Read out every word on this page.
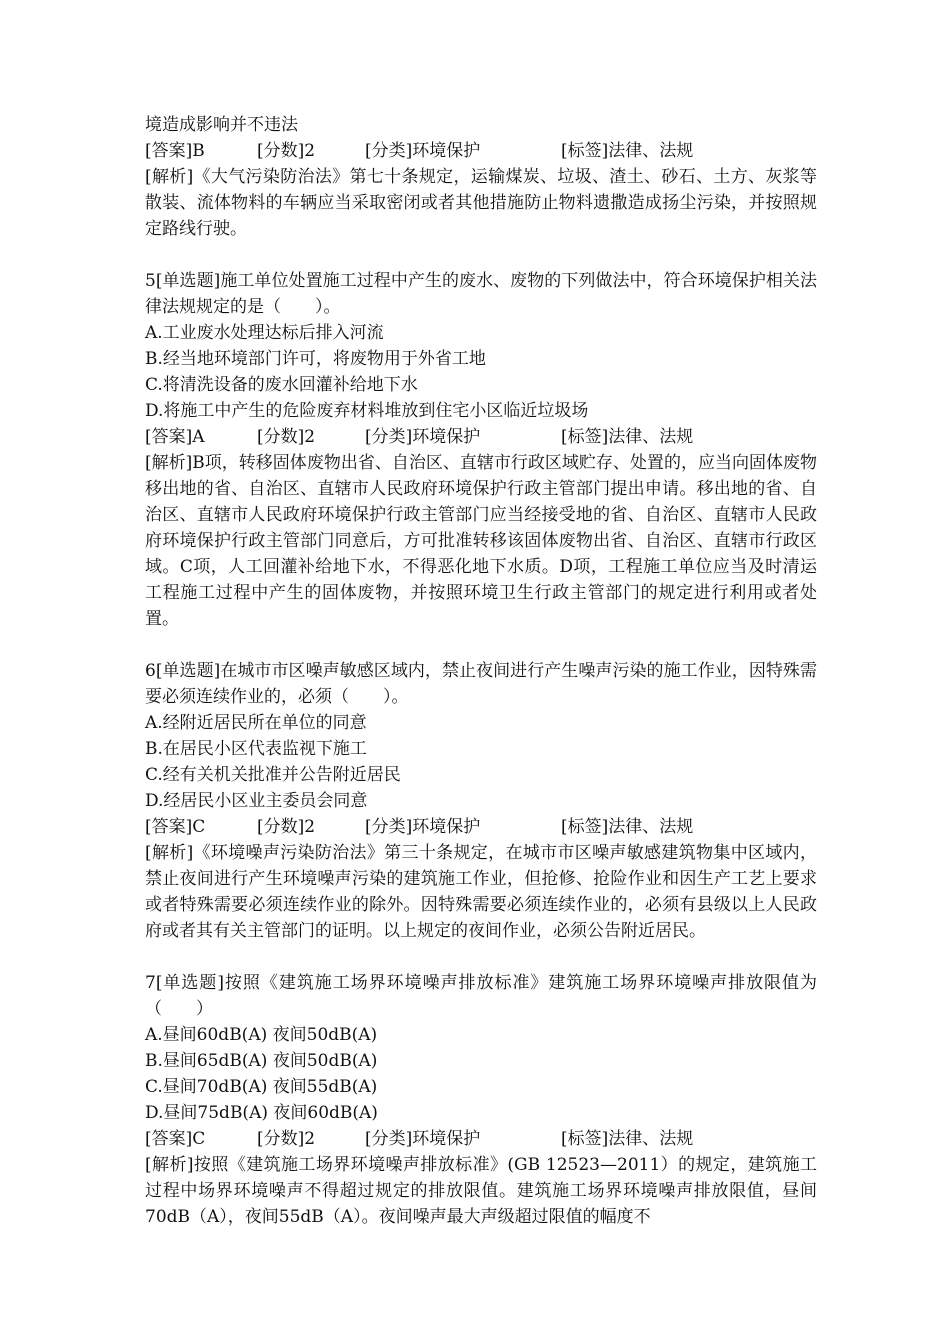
境造成影响并不违法
[答案]B	[分数]2	[分类]环境保护	[标签]法律、法规
[解析]《大气污染防治法》第七十条规定，运输煤炭、垃圾、渣土、砂石、土方、灰浆等散装、流体物料的车辆应当采取密闭或者其他措施防止物料遗撒造成扬尘污染，并按照规定路线行驶。
5[单选题]施工单位处置施工过程中产生的废水、废物的下列做法中，符合环境保护相关法律法规规定的是（　　）。
A.工业废水处理达标后排入河流
B.经当地环境部门许可，将废物用于外省工地
C.将清洗设备的废水回灌补给地下水
D.将施工中产生的危险废弃材料堆放到住宅小区临近垃圾场
[答案]A	[分数]2	[分类]环境保护	[标签]法律、法规
[解析]B项，转移固体废物出省、自治区、直辖市行政区域贮存、处置的，应当向固体废物移出地的省、自治区、直辖市人民政府环境保护行政主管部门提出申请。移出地的省、自治区、直辖市人民政府环境保护行政主管部门应当经接受地的省、自治区、直辖市人民政府环境保护行政主管部门同意后，方可批准转移该固体废物出省、自治区、直辖市行政区域。C项，人工回灌补给地下水，不得恶化地下水质。D项，工程施工单位应当及时清运工程施工过程中产生的固体废物，并按照环境卫生行政主管部门的规定进行利用或者处置。
6[单选题]在城市市区噪声敏感区域内，禁止夜间进行产生噪声污染的施工作业，因特殊需要必须连续作业的，必须（　　）。
A.经附近居民所在单位的同意
B.在居民小区代表监视下施工
C.经有关机关批准并公告附近居民
D.经居民小区业主委员会同意
[答案]C	[分数]2	[分类]环境保护	[标签]法律、法规
[解析]《环境噪声污染防治法》第三十条规定，在城市市区噪声敏感建筑物集中区域内，禁止夜间进行产生环境噪声污染的建筑施工作业，但抢修、抢险作业和因生产工艺上要求或者特殊需要必须连续作业的除外。因特殊需要必须连续作业的，必须有县级以上人民政府或者其有关主管部门的证明。以上规定的夜间作业，必须公告附近居民。
7[单选题]按照《建筑施工场界环境噪声排放标准》建筑施工场界环境噪声排放限值为（　　）
A.昼间60dB(A) 夜间50dB(A)
B.昼间65dB(A) 夜间50dB(A)
C.昼间70dB(A) 夜间55dB(A)
D.昼间75dB(A) 夜间60dB(A)
[答案]C	[分数]2	[分类]环境保护	[标签]法律、法规
[解析]按照《建筑施工场界环境噪声排放标准》(GB 12523—2011）的规定，建筑施工过程中场界环境噪声不得超过规定的排放限值。建筑施工场界环境噪声排放限值，昼间70dB（A），夜间55dB（A）。夜间噪声最大声级超过限值的幅度不
